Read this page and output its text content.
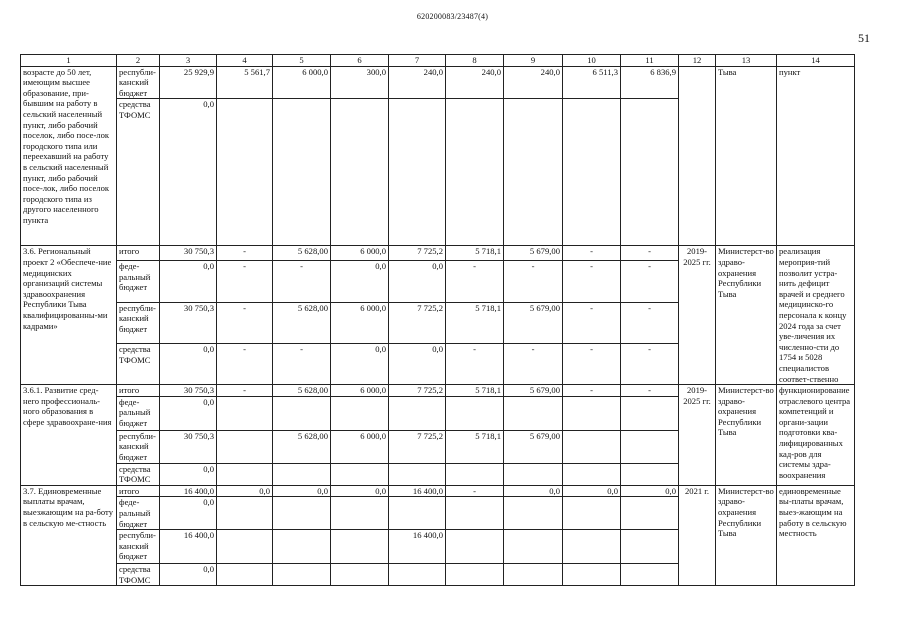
620200083/23487(4)
51
1	2	3	4	5	6	7	8	9	10	11	12	13	14
возрасте до 50 лет, имеющим высшее образование, при-бывшим на работу в сельский населенный пункт, либо рабочий поселок, либо посе-лок городского типа или переехавший на работу в сельский населенный пункт, либо рабочий посе-лок, либо поселок городского типа из другого населенного пункта	республи-канский бюджет	25 929,9	5 561,7	6 000,0	300,0	240,0	240,0	240,0	6 511,3	6 836,9		Тыва	пункт
	средства ТФОМС	0,0											
3.6. Региональный проект 2 «Обеспече-ние медицинских организаций системы здравоохранения Республики Тыва квалифицированны-ми кадрами»	итого	30 750,3	-	5 628,00	6 000,0	7 725,2	5 718,1	5 679,00	-	-	2019-2025 гг.	Министерст-во здраво-охранения Республики Тыва	реализация мероприя-тий позволит устра-нить дефицит врачей и среднего медицинско-го персонала к концу 2024 года за счет уве-личения их численно-сти до 1754 и 5028 специалистов соответ-ственно
	феде-ральный бюджет	0,0	-	-	0,0	0,0	-	-	-	-			
	республи-канский бюджет	30 750,3	-	5 628,00	6 000,0	7 725,2	5 718,1	5 679,00	-	-			
	средства ТФОМС	0,0	-	-	0,0	0,0	-	-	-	-			
3.6.1. Развитие сред-него профессиональ-ного образования в сфере здравоохране-ния	итого	30 750,3	-	5 628,00	6 000,0	7 725,2	5 718,1	5 679,00	-	-	2019-2025 гг.	Министерст-во здраво-охранения Республики Тыва	функционирование отраслевого центра компетенций и органи-зации подготовки ква-лифицированных кад-ров для системы здра-воохранения
	феде-ральный бюджет	0,0											
	республи-канский бюджет	30 750,3		5 628,00	6 000,0	7 725,2	5 718,1	5 679,00					
	средства ТФОМС	0,0											
3.7. Единовременные выплаты врачам, выезжающим на ра-боту в сельскую ме-стность	итого	16 400,0	0,0	0,0	0,0	16 400,0	-	0,0	0,0	0,0	2021 г.	Министерст-во здраво-охранения Республики Тыва	единовременные вы-платы врачам, выез-жающим на работу в сельскую местность
	феде-ральный бюджет	0,0											
	республи-канский бюджет	16 400,0				16 400,0							
	средства ТФОМС	0,0											
